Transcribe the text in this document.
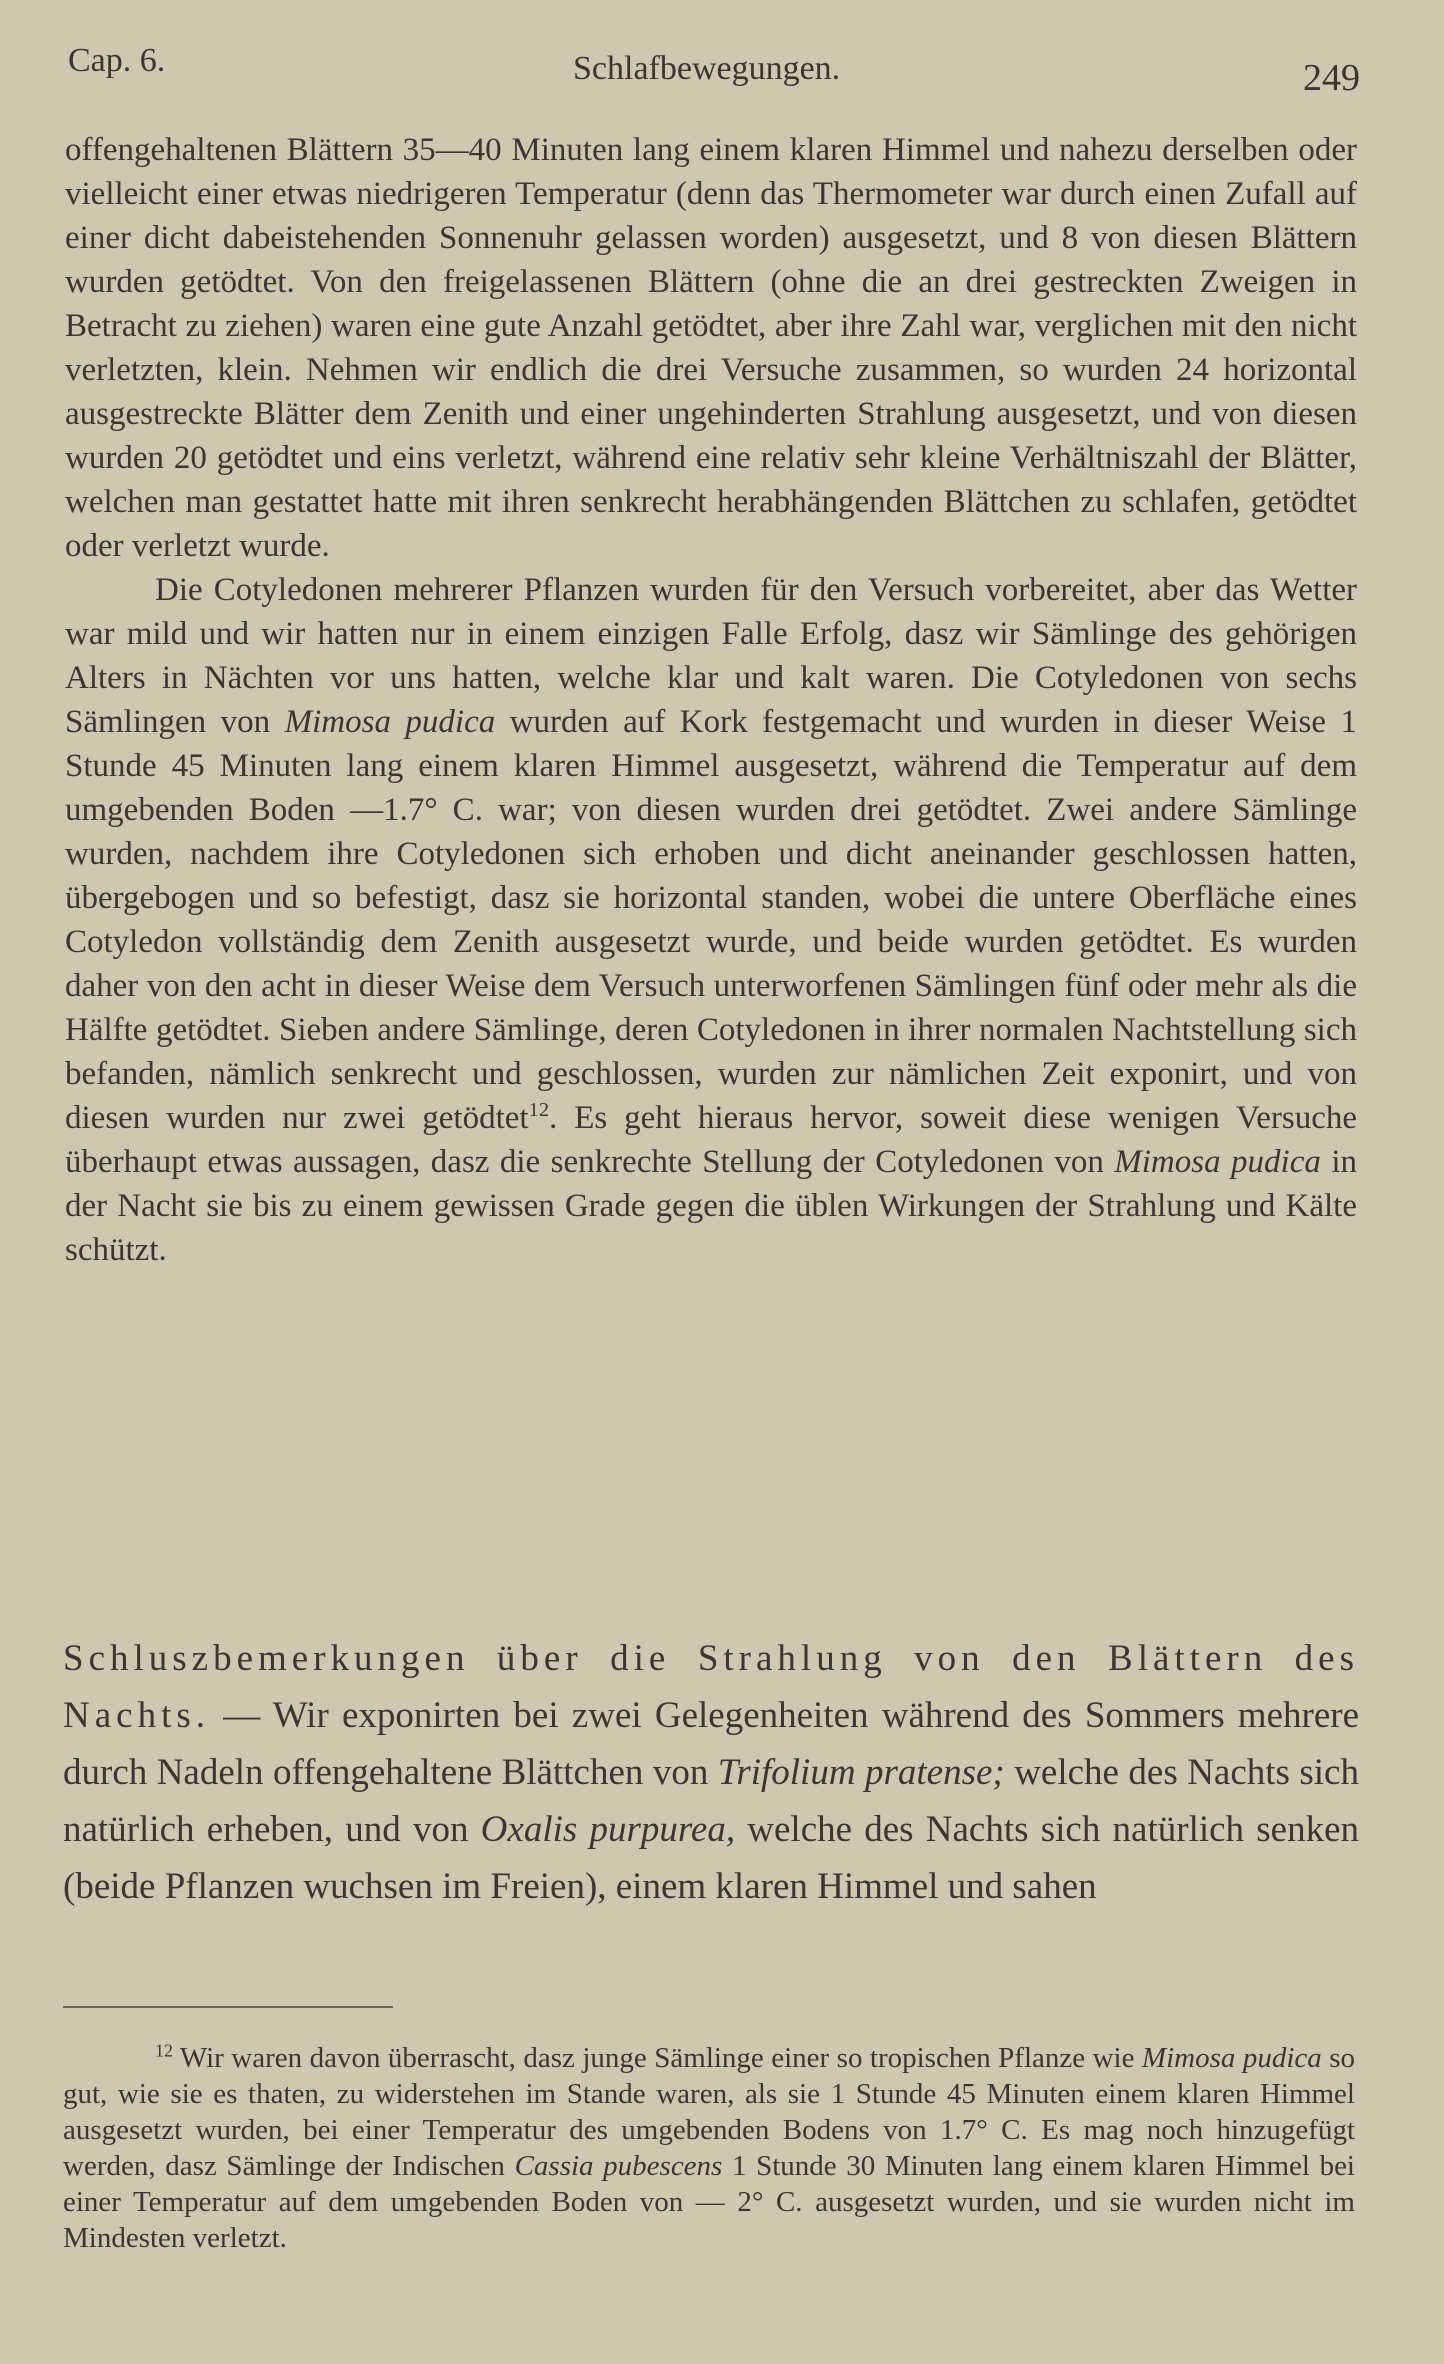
Cap. 6.	Schlafbewegungen.	249

offengehaltenen Blättern 35—40 Minuten lang einem klaren Himmel und nahezu derselben oder vielleicht einer etwas niedrigeren Temperatur (denn das Thermometer war durch einen Zufall auf einer dicht dabeistehenden Sonnenuhr gelassen worden) ausgesetzt, und 8 von diesen Blättern wurden getödtet. Von den freigelassenen Blättern (ohne die an drei gestreckten Zweigen in Betracht zu ziehen) waren eine gute Anzahl getödtet, aber ihre Zahl war, verglichen mit den nicht verletzten, klein. Nehmen wir endlich die drei Versuche zusammen, so wurden 24 horizontal ausgestreckte Blätter dem Zenith und einer ungehinderten Strahlung ausgesetzt, und von diesen wurden 20 getödtet und eins verletzt, während eine relativ sehr kleine Verhältniszahl der Blätter, welchen man gestattet hatte mit ihren senkrecht herabhängenden Blättchen zu schlafen, getödtet oder verletzt wurde.

Die Cotyledonen mehrerer Pflanzen wurden für den Versuch vorbereitet, aber das Wetter war mild und wir hatten nur in einem einzigen Falle Erfolg, dasz wir Sämlinge des gehörigen Alters in Nächten vor uns hatten, welche klar und kalt waren. Die Cotyledonen von sechs Sämlingen von Mimosa pudica wurden auf Kork festgemacht und wurden in dieser Weise 1 Stunde 45 Minuten lang einem klaren Himmel ausgesetzt, während die Temperatur auf dem umgebenden Boden —1.7° C. war; von diesen wurden drei getödtet. Zwei andere Sämlinge wurden, nachdem ihre Cotyledonen sich erhoben und dicht aneinander geschlossen hatten, übergebogen und so befestigt, dasz sie horizontal standen, wobei die untere Oberfläche eines Cotyledon vollständig dem Zenith ausgesetzt wurde, und beide wurden getödtet. Es wurden daher von den acht in dieser Weise dem Versuch unterworfenen Sämlingen fünf oder mehr als die Hälfte getödtet. Sieben andere Sämlinge, deren Cotyledonen in ihrer normalen Nachtstellung sich befanden, nämlich senkrecht und geschlossen, wurden zur nämlichen Zeit exponirt, und von diesen wurden nur zwei getödtet$^{12}$. Es geht hieraus hervor, soweit diese wenigen Versuche überhaupt etwas aussagen, dasz die senkrechte Stellung der Cotyledonen von Mimosa pudica in der Nacht sie bis zu einem gewissen Grade gegen die üblen Wirkungen der Strahlung und Kälte schützt.

Schluszbemerkungen über die Strahlung von den Blättern des Nachts. — Wir exponirten bei zwei Gelegenheiten während des Sommers mehrere durch Nadeln offengehaltene Blättchen von Trifolium pratense; welche des Nachts sich natürlich erheben, und von Oxalis purpurea, welche des Nachts sich natürlich senken (beide Pflanzen wuchsen im Freien), einem klaren Himmel und sahen

$^{12}$ Wir waren davon überrascht, dasz junge Sämlinge einer so tropischen Pflanze wie Mimosa pudica so gut, wie sie es thaten, zu widerstehen im Stande waren, als sie 1 Stunde 45 Minuten einem klaren Himmel ausgesetzt wurden, bei einer Temperatur des umgebenden Bodens von 1.7° C. Es mag noch hinzugefügt werden, dasz Sämlinge der Indischen Cassia pubescens 1 Stunde 30 Minuten lang einem klaren Himmel bei einer Temperatur auf dem umgebenden Boden von — 2° C. ausgesetzt wurden, und sie wurden nicht im Mindesten verletzt.
